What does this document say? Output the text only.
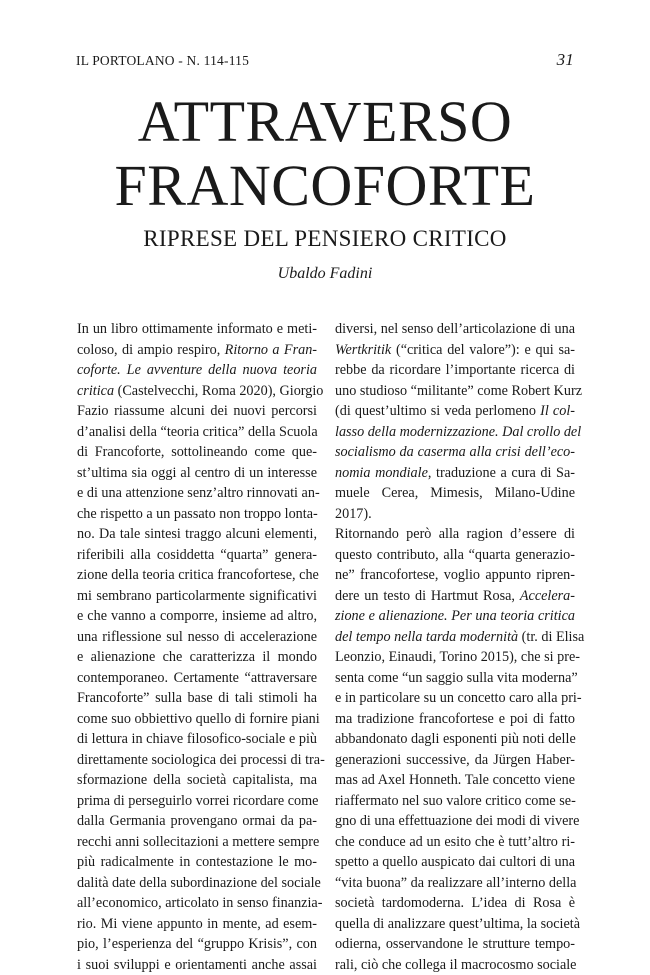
IL PORTOLANO - N. 114-115	31
ATTRAVERSO
FRANCOFORTE
RIPRESE DEL PENSIERO CRITICO
Ubaldo Fadini
In un libro ottimamente informato e meti-
coloso, di ampio respiro, Ritorno a Fran-
coforte. Le avventure della nuova teoria
critica (Castelvecchi, Roma 2020), Giorgio
Fazio riassume alcuni dei nuovi percorsi
d’analisi della “teoria critica” della Scuola
di Francoforte, sottolineando come que-
st’ultima sia oggi al centro di un interesse
e di una attenzione senz’altro rinnovati an-
che rispetto a un passato non troppo lonta-
no. Da tale sintesi traggo alcuni elementi,
riferibili alla cosiddetta “quarta” genera-
zione della teoria critica francofortese, che
mi sembrano particolarmente significativi
e che vanno a comporre, insieme ad altro,
una riflessione sul nesso di accelerazione
e alienazione che caratterizza il mondo
contemporaneo. Certamente “attraversare
Francoforte” sulla base di tali stimoli ha
come suo obbiettivo quello di fornire piani
di lettura in chiave filosofico-sociale e più
direttamente sociologica dei processi di tra-
sformazione della società capitalista, ma
prima di perseguirlo vorrei ricordare come
dalla Germania provengano ormai da pa-
recchi anni sollecitazioni a mettere sempre
più radicalmente in contestazione le mo-
dalità date della subordinazione del sociale
all’economico, articolato in senso finanzia-
rio. Mi viene appunto in mente, ad esem-
pio, l’esperienza del “gruppo Krisis”, con
i suoi sviluppi e orientamenti anche assai
diversi, nel senso dell’articolazione di una
Wertkritik (“critica del valore”): e qui sa-
rebbe da ricordare l’importante ricerca di
uno studioso “militante” come Robert Kurz
(di quest’ultimo si veda perlomeno Il col-
lasso della modernizzazione. Dal crollo del
socialismo da caserma alla crisi dell’eco-
nomia mondiale, traduzione a cura di Sa-
muele Cerea, Mimesis, Milano-Udine
2017).
Ritornando però alla ragion d’essere di
questo contributo, alla “quarta generazio-
ne” francofortese, voglio appunto ripren-
dere un testo di Hartmut Rosa, Accelera-
zione e alienazione. Per una teoria critica
del tempo nella tarda modernità (tr. di Elisa
Leonzio, Einaudi, Torino 2015), che si pre-
senta come “un saggio sulla vita moderna”
e in particolare su un concetto caro alla pri-
ma tradizione francofortese e poi di fatto
abbandonato dagli esponenti più noti delle
generazioni successive, da Jürgen Haber-
mas ad Axel Honneth. Tale concetto viene
riaffermato nel suo valore critico come se-
gno di una effettuazione dei modi di vivere
che conduce ad un esito che è tutt’altro ri-
spetto a quello auspicato dai cultori di una
“vita buona” da realizzare all’interno della
società tardomoderna. L’idea di Rosa è
quella di analizzare quest’ultima, la società
odierna, osservandone le strutture tempo-
rali, ciò che collega il macrocosmo sociale
